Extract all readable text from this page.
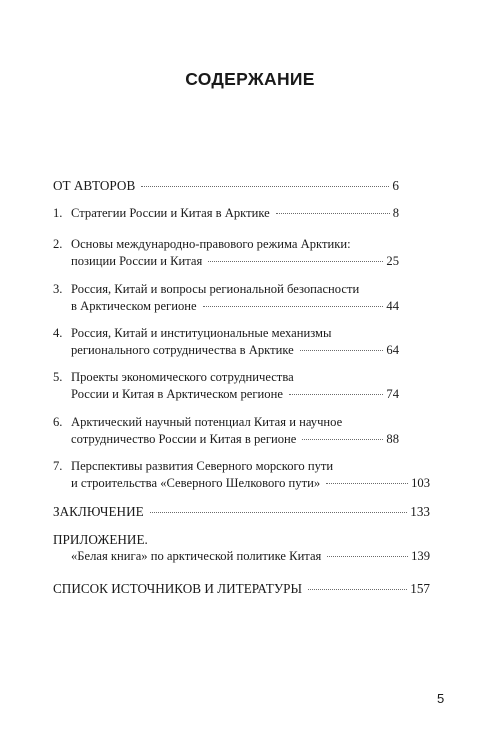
СОДЕРЖАНИЕ
ОТ АВТОРОВ	6
1. Стратегии России и Китая в Арктике	8
2. Основы международно-правового режима Арктики:
позиции России и Китая	25
3. Россия, Китай и вопросы региональной безопасности
в Арктическом регионе	44
4. Россия, Китай и институциональные механизмы
регионального сотрудничества в Арктике	64
5. Проекты экономического сотрудничества
России и Китая в Арктическом регионе	74
6. Арктический научный потенциал Китая и научное
сотрудничество России и Китая в регионе	88
7. Перспективы развития Северного морского пути
и строительства «Северного Шелкового пути»	103
ЗАКЛЮЧЕНИЕ	133
ПРИЛОЖЕНИЕ.
«Белая книга» по арктической политике Китая	139
СПИСОК ИСТОЧНИКОВ И ЛИТЕРАТУРЫ	157
5
